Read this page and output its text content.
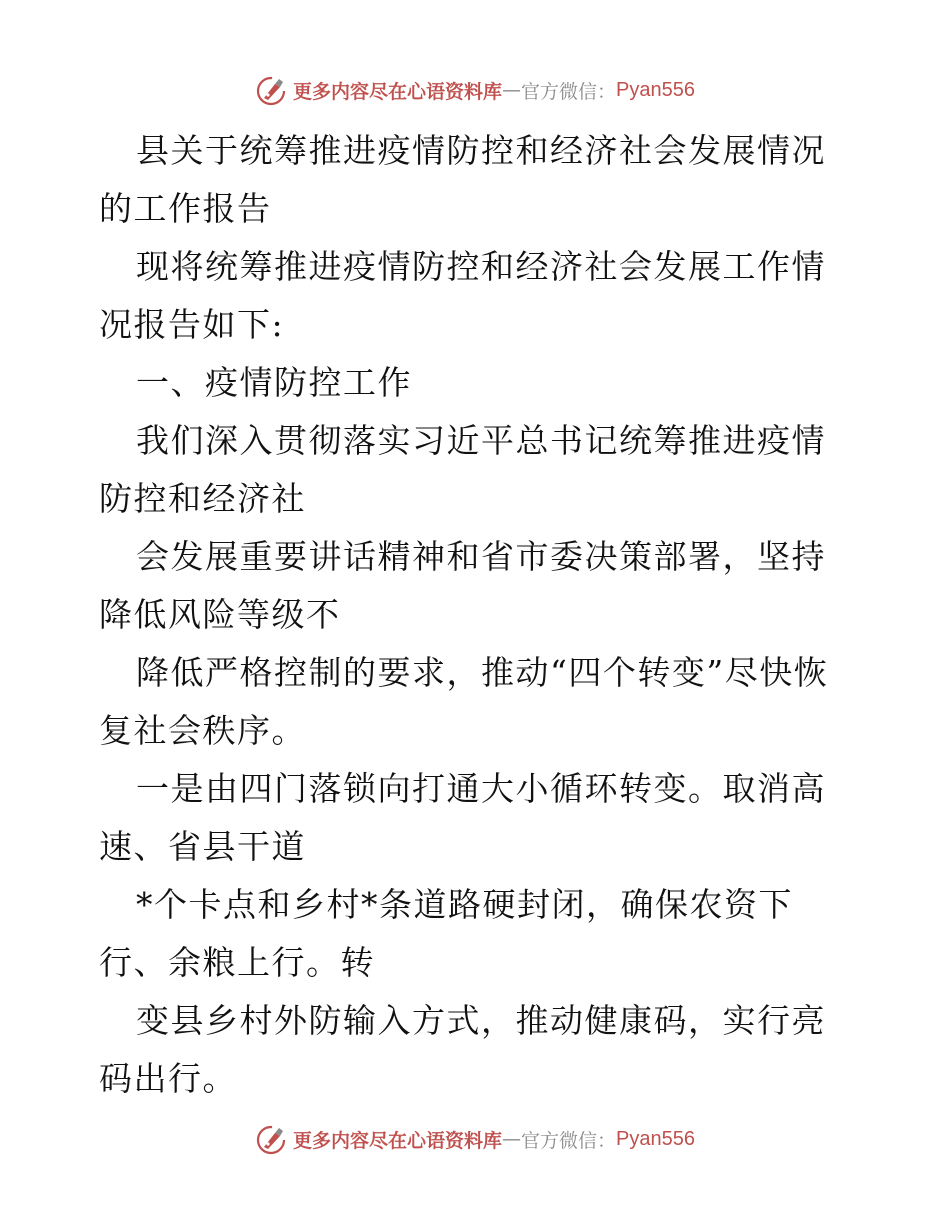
更多内容尽在心语资料库 — 官方微信： Pyan556

县关于统筹推进疫情防控和经济社会发展情况的工作报告

现将统筹推进疫情防控和经济社会发展工作情况报告如下:

一、疫情防控工作

我们深入贯彻落实习近平总书记统筹推进疫情防控和经济社

会发展重要讲话精神和省市委决策部署，坚持降低风险等级不

降低严格控制的要求，推动“四个转变”尽快恢复社会秩序。

一是由四门落锁向打通大小循环转变。取消高速、省县干道

*个卡点和乡村*条道路硬封闭，确保农资下行、余粮上行。转

变县乡村外防输入方式，推动健康码，实行亮码出行。

更多内容尽在心语资料库 — 官方微信： Pyan556
